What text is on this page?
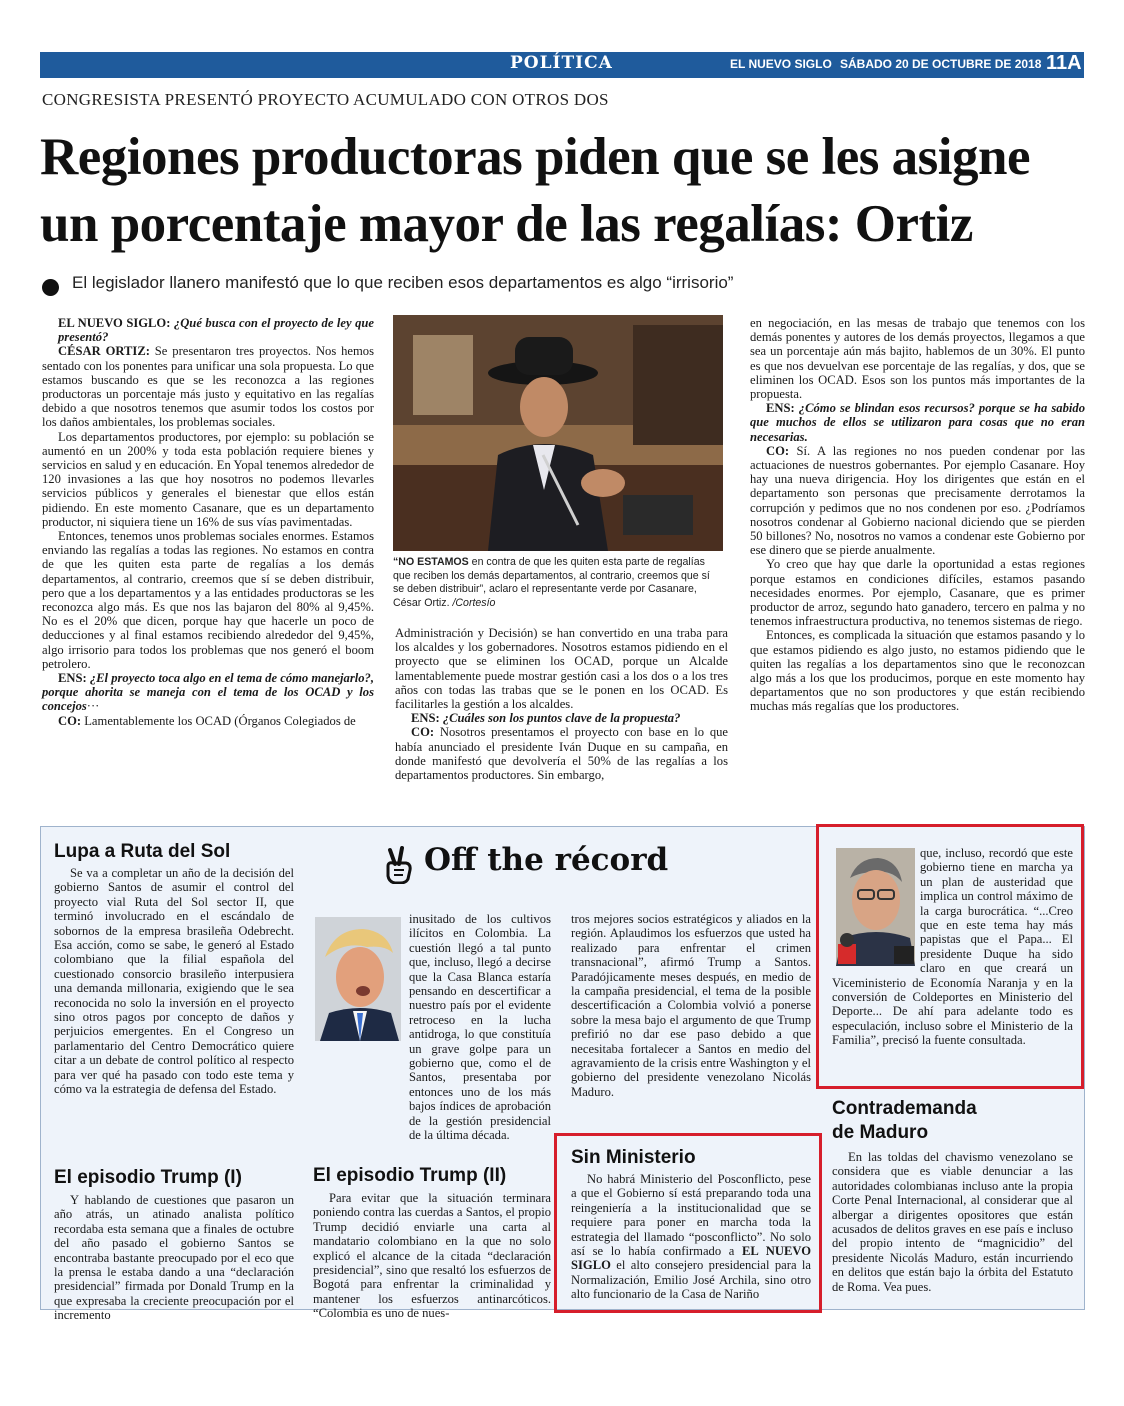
POLÍTICA	EL NUEVO SIGLO SÁBADO 20 DE OCTUBRE DE 2018 11A
CONGRESISTA PRESENTÓ PROYECTO ACUMULADO CON OTROS DOS
Regiones productoras piden que se les asigne
un porcentaje mayor de las regalías: Ortiz
El legislador llanero manifestó que lo que reciben esos departamentos es algo “irrisorio”

EL NUEVO SIGLO: ¿Qué busca con el proyecto de ley que presentó?

CÉSAR ORTIZ: Se presentaron tres proyectos. Nos hemos sentado con los ponentes para unificar una sola propuesta. Lo que estamos buscando es que se les reconozca a las regiones productoras un porcentaje más justo y equitativo en las regalías debido a que nosotros tenemos que asumir todos los costos por los daños ambientales, los problemas sociales.

Los departamentos productores, por ejemplo: su población se aumentó en un 200% y toda esta población requiere bienes y servicios en salud y en educación. En Yopal tenemos alrededor de 120 invasiones a las que hoy nosotros no podemos llevarles servicios públicos y generales el bienestar que ellos están pidiendo. En este momento Casanare, que es un departamento productor, ni siquiera tiene un 16% de sus vías pavimentadas.

Entonces, tenemos unos problemas sociales enormes. Estamos enviando las regalías a todas las regiones. No estamos en contra de que les quiten esta parte de regalías a los demás departamentos, al contrario, creemos que sí se deben distribuir, pero que a los departamentos y a las entidades productoras se les reconozca algo más. Es que nos las bajaron del 80% al 9,45%. No es el 20% que dicen, porque hay que hacerle un poco de deducciones y al final estamos recibiendo alrededor del 9,45%, algo irrisorio para todos los problemas que nos generó el boom petrolero.

ENS: ¿El proyecto toca algo en el tema de cómo manejarlo?, porque ahorita se maneja con el tema de los OCAD y los concejos···

CO: Lamentablemente los OCAD (Órganos Colegiados de

“NO ESTAMOS en contra de que les quiten esta parte de regalías que reciben los demás departamentos, al contrario, creemos que sí se deben distribuir”, aclaro el representante verde por Casanare, César Ortiz. /Cortesío

Administración y Decisión) se han convertido en una traba para los alcaldes y los gobernadores. Nosotros estamos pidiendo en el proyecto que se eliminen los OCAD, porque un Alcalde lamentablemente puede mostrar gestión casi a los dos o a los tres años con todas las trabas que se le ponen en los OCAD. Es facilitarles la gestión a los alcaldes.

ENS: ¿Cuáles son los puntos clave de la propuesta?

CO: Nosotros presentamos el proyecto con base en lo que había anunciado el presidente Iván Duque en su campaña, en donde manifestó que devolvería el 50% de las regalías a los departamentos productores. Sin embargo,

en negociación, en las mesas de trabajo que tenemos con los demás ponentes y autores de los demás proyectos, llegamos a que sea un porcentaje aún más bajito, hablemos de un 30%. El punto es que nos devuelvan ese porcentaje de las regalías, y dos, que se eliminen los OCAD. Esos son los puntos más importantes de la propuesta.

ENS: ¿Cómo se blindan esos recursos? porque se ha sabido que muchos de ellos se utilizaron para cosas que no eran necesarias.

CO: Sí. A las regiones no nos pueden condenar por las actuaciones de nuestros gobernantes. Por ejemplo Casanare. Hoy hay una nueva dirigencia. Hoy los dirigentes que están en el departamento son personas que precisamente derrotamos la corrupción y pedimos que no nos condenen por eso. ¿Podríamos nosotros condenar al Gobierno nacional diciendo que se pierden 50 billones? No, nosotros no vamos a condenar este Gobierno por ese dinero que se pierde anualmente.

Yo creo que hay que darle la oportunidad a estas regiones porque estamos en condiciones difíciles, estamos pasando necesidades enormes. Por ejemplo, Casanare, que es primer productor de arroz, segundo hato ganadero, tercero en palma y no tenemos infraestructura productiva, no tenemos sistemas de riego.

Entonces, es complicada la situación que estamos pasando y lo que estamos pidiendo es algo justo, no estamos pidiendo que le quiten las regalías a los departamentos sino que le reconozcan algo más a los que los producimos, porque en este momento hay departamentos que no son productores y que están recibiendo muchas más regalías que los productores.

Off the récord
Lupa a Ruta del Sol

Se va a completar un año de la decisión del gobierno Santos de asumir el control del proyecto vial Ruta del Sol sector II, que terminó involucrado en el escándalo de sobornos de la empresa brasileña Odebrecht. Esa acción, como se sabe, le generó al Estado colombiano que la filial española del cuestionado consorcio brasileño interpusiera una demanda millonaria, exigiendo que le sea reconocida no solo la inversión en el proyecto sino otros pagos por concepto de daños y perjuicios emergentes. En el Congreso un parlamentario del Centro Democrático quiere citar a un debate de control político al respecto para ver qué ha pasado con todo este tema y cómo va la estrategia de defensa del Estado.

El episodio Trump (I)

Y hablando de cuestiones que pasaron un año atrás, un atinado analista político recordaba esta semana que a finales de octubre del año pasado el gobierno Santos se encontraba bastante preocupado por el eco que la prensa le estaba dando a una “declaración presidencial” firmada por Donald Trump en la que expresaba la creciente preocupación por el incremento

inusitado de los cultivos ilícitos en Colombia. La cuestión llegó a tal punto que, incluso, llegó a decirse que la Casa Blanca estaría pensando en descertificar a nuestro país por el evidente retroceso en la lucha antidroga, lo que constituía un grave golpe para un gobierno que, como el de Santos, presentaba por entonces uno de los más bajos índices de aprobación de la gestión presidencial de la última década.

El episodio Trump (II)

Para evitar que la situación terminara poniendo contra las cuerdas a Santos, el propio Trump decidió enviarle una carta al mandatario colombiano en la que no solo explicó el alcance de la citada “declaración presidencial”, sino que resaltó los esfuerzos de Bogotá para enfrentar la criminalidad y mantener los esfuerzos antinarcóticos. “Colombia es uno de nues-

tros mejores socios estratégicos y aliados en la región. Aplaudimos los esfuerzos que usted ha realizado para enfrentar el crimen transnacional”, afirmó Trump a Santos. Paradójicamente meses después, en medio de la campaña presidencial, el tema de la posible descertificación a Colombia volvió a ponerse sobre la mesa bajo el argumento de que Trump prefirió no dar ese paso debido a que necesitaba fortalecer a Santos en medio del agravamiento de la crisis entre Washington y el gobierno del presidente venezolano Nicolás Maduro.

Sin Ministerio

No habrá Ministerio del Posconflicto, pese a que el Gobierno sí está preparando toda una reingeniería a la institucionalidad que se requiere para poner en marcha toda la estrategia del llamado “posconflicto”. No solo así se lo había confirmado a EL NUEVO SIGLO el alto consejero presidencial para la Normalización, Emilio José Archila, sino otro alto funcionario de la Casa de Nariño

que, incluso, recordó que este gobierno tiene en marcha ya un plan de austeridad que implica un control máximo de la carga burocrática. “...Creo que en este tema hay más papistas que el Papa... El presidente Duque ha sido claro en que creará un Viceministerio de Economía Naranja y en la conversión de Coldeportes en Ministerio del Deporte... De ahí para adelante todo es especulación, incluso sobre el Ministerio de la Familia”, precisó la fuente consultada.
Contrademanda
de Maduro

En las toldas del chavismo venezolano se considera que es viable denunciar a las autoridades colombianas incluso ante la propia Corte Penal Internacional, al considerar que al albergar a dirigentes opositores que están acusados de delitos graves en ese país e incluso del propio intento de “magnicidio” del presidente Nicolás Maduro, están incurriendo en delitos que están bajo la órbita del Estatuto de Roma. Vea pues.
